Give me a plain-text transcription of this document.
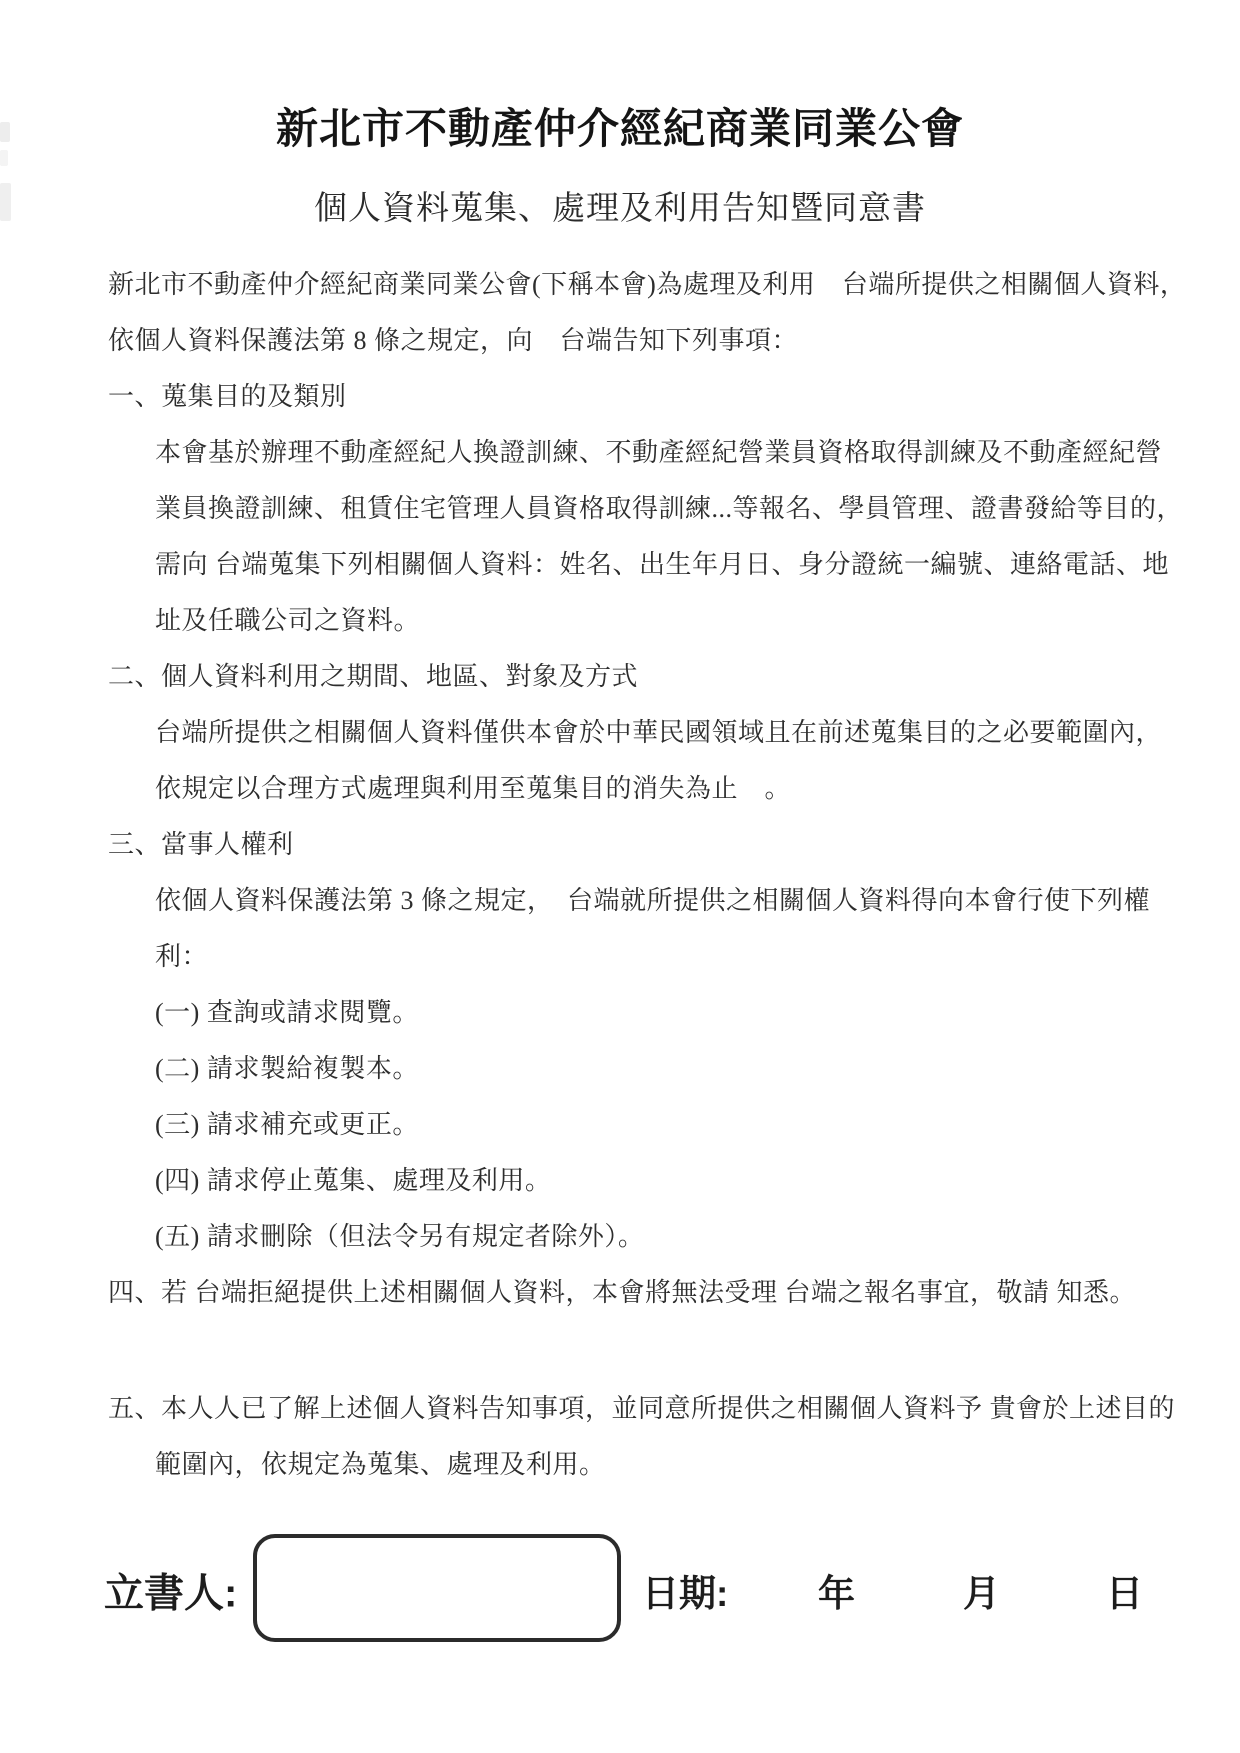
新北市不動產仲介經紀商業同業公會
個人資料蒐集、處理及利用告知暨同意書
新北市不動產仲介經紀商業同業公會(下稱本會)為處理及利用　台端所提供之相關個人資料，
依個人資料保護法第 8 條之規定，向　台端告知下列事項：
一、蒐集目的及類別
本會基於辦理不動產經紀人換證訓練、不動產經紀營業員資格取得訓練及不動產經紀營
業員換證訓練、租賃住宅管理人員資格取得訓練...等報名、學員管理、證書發給等目的，
需向 台端蒐集下列相關個人資料：姓名、出生年月日、身分證統一編號、連絡電話、地
址及任職公司之資料。
二、個人資料利用之期間、地區、對象及方式
台端所提供之相關個人資料僅供本會於中華民國領域且在前述蒐集目的之必要範圍內，
依規定以合理方式處理與利用至蒐集目的消失為止　。
三、當事人權利
依個人資料保護法第 3 條之規定，　台端就所提供之相關個人資料得向本會行使下列權
利：
(一) 查詢或請求閱覽。
(二) 請求製給複製本。
(三) 請求補充或更正。
(四) 請求停止蒐集、處理及利用。
(五) 請求刪除（但法令另有規定者除外）。
四、若 台端拒絕提供上述相關個人資料，本會將無法受理 台端之報名事宜，敬請 知悉。
五、本人人已了解上述個人資料告知事項，並同意所提供之相關個人資料予 貴會於上述目的
範圍內，依規定為蒐集、處理及利用。
立書人:	日期: 年	月	日
